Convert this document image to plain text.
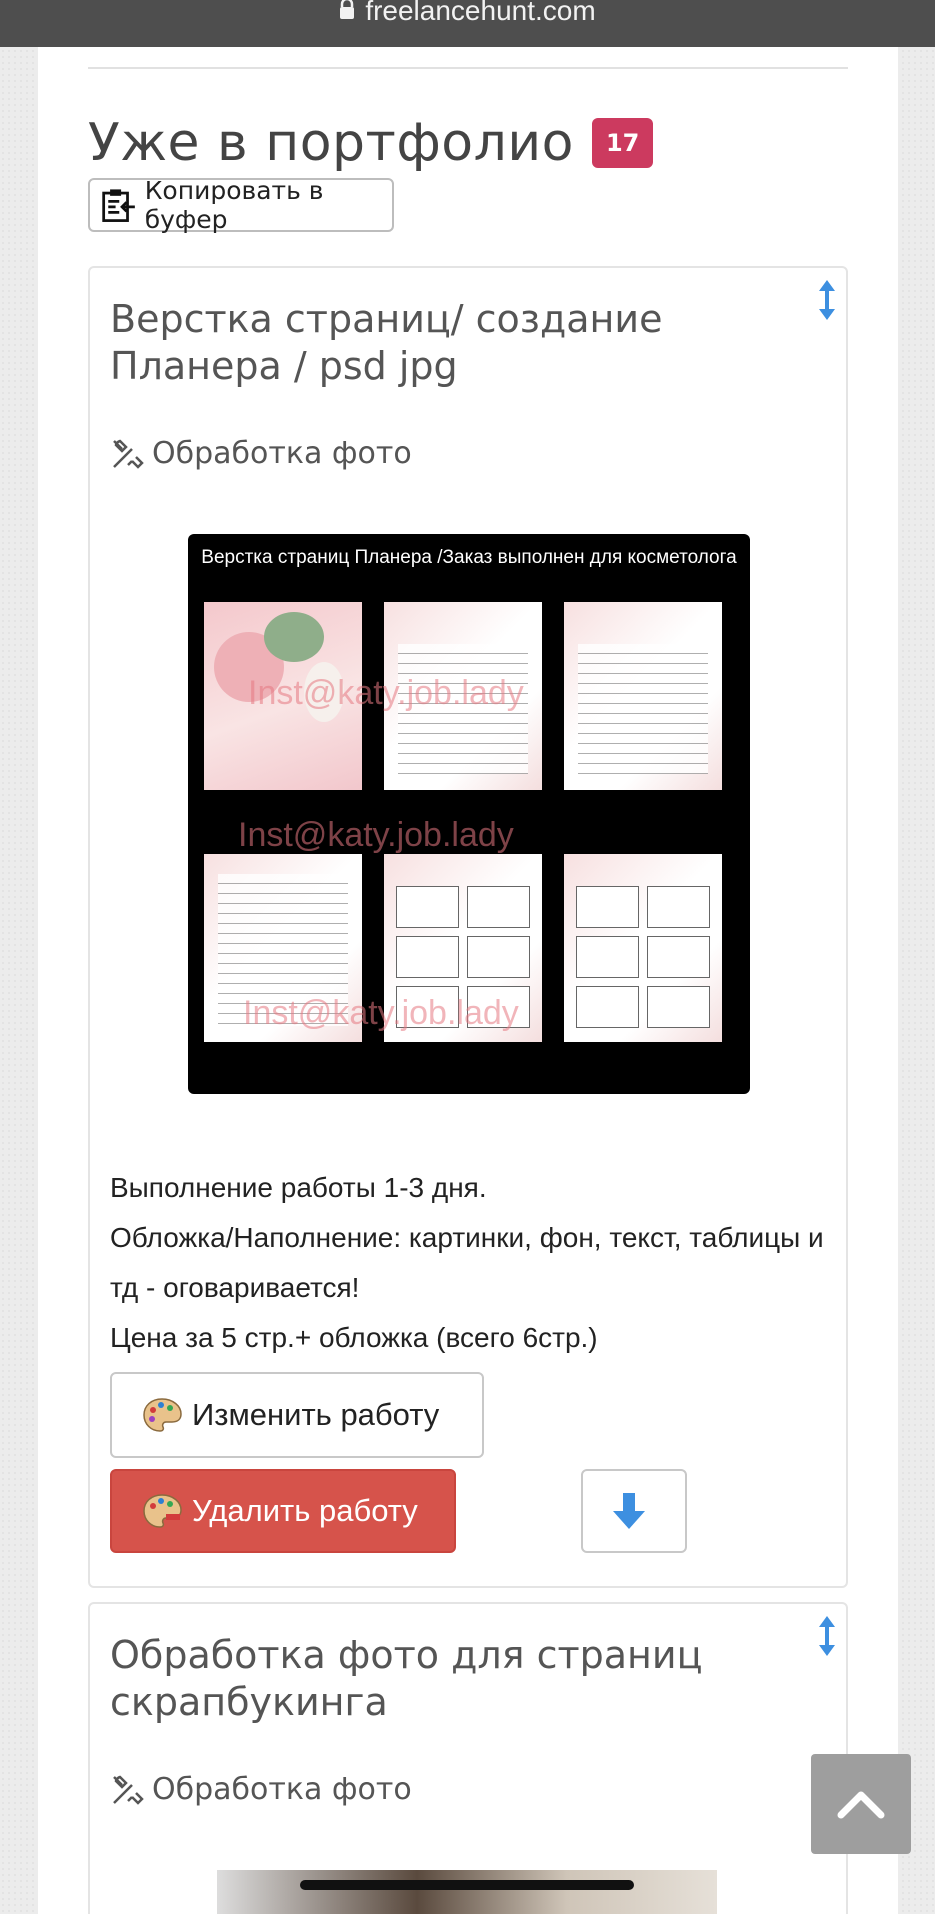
freelancehunt.com
Уже в портфолио	17
Копировать в буфер
Верстка страниц/ создание Планера / psd jpg
Обработка фото
Верстка страниц Планера /Заказ выполнен для косметолога
Inst@katy.job.lady
Inst@katy.job.lady
Inst@katy.job.lady

Выполнение работы 1-3 дня.
Обложка/Наполнение: картинки, фон, текст, таблицы и тд - оговаривается!
Цена за 5 стр.+ обложка (всего 6стр.)

Изменить работу
Удалить работу
Обработка фото для страниц скрапбукинга
Обработка фото
